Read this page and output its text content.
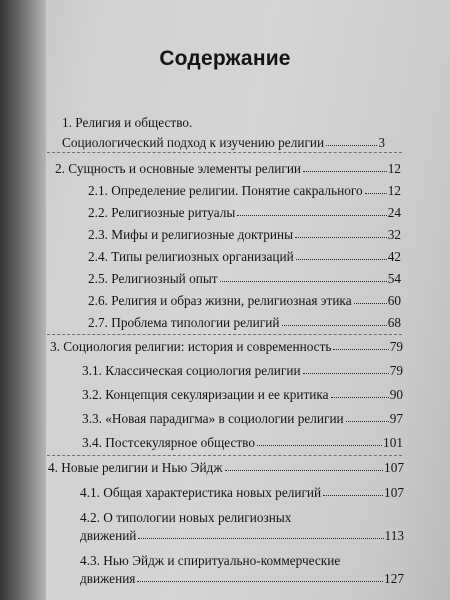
Содержание
1. Религия и общество.
Социологический подход к изучению религии	3
2. Сущность и основные элементы религии	12
2.1. Определение религии. Понятие сакрального 12
2.2. Религиозные ритуалы	24
2.3. Мифы и религиозные доктрины	32
2.4. Типы религиозных организаций	42
2.5. Религиозный опыт	54
2.6. Религия и образ жизни, религиозная этика	60
2.7. Проблема типологии религий	68
3. Социология религии: история и современность	79
3.1. Классическая социология религии	79
3.2. Концепция секуляризации и ее критика	90
3.3. «Новая парадигма» в социологии религии	97
3.4. Постсекулярное общество	101
4. Новые религии и Нью Эйдж	107
4.1. Общая характеристика новых религий	107
4.2. О типологии новых религиозных
движений	113
4.3. Нью Эйдж и спиритуально-коммерческие
движения	127
